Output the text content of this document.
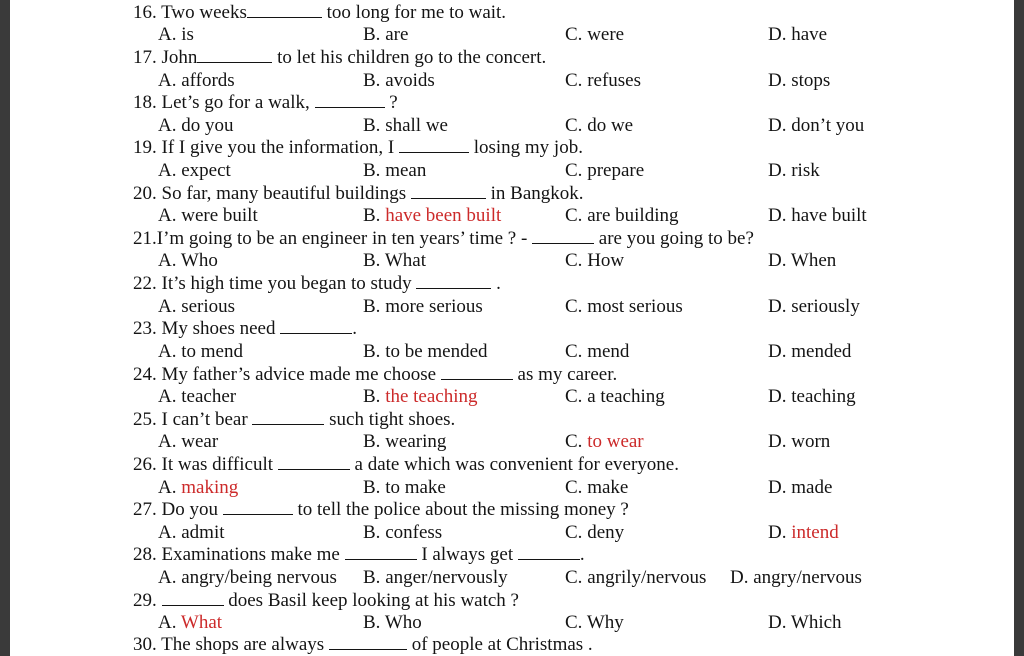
16. Two weeks	too long for me to wait.
A. is	B. are	C. were	D. have
17. John	to let his children go to the concert.
A. affords	B. avoids	C. refuses	D. stops
18. Let’s go for a walk,	?
A. do you	B. shall we	C. do we	D. don’t you
19. If I give you the information, I	losing my job.
A. expect	B. mean	C. prepare	D. risk
20. So far, many beautiful buildings	in Bangkok.
A. were built	B. have been built	C. are building	D. have built
21.I’m going to be an engineer in ten years’ time ? -	are you going to be?
A. Who	B. What	C. How	D. When
22. It’s high time you began to study	.
A. serious	B. more serious	C. most serious	D. seriously
23. My shoes need	.
A. to mend	B. to be mended	C. mend	D. mended
24. My father’s advice made me choose	as my career.
A. teacher	B. the teaching	C. a teaching	D. teaching
25. I can’t bear	such tight shoes.
A. wear	B. wearing	C. to wear	D. worn
26. It was difficult	a date which was convenient for everyone.
A. making	B. to make	C. make	D. made
27. Do you	to tell the police about the missing money ?
A. admit	B. confess	C. deny	D. intend
28. Examinations make me	I always get	.
A. angry/being nervous B. anger/nervously	C. angrily/nervous D. angry/nervous
29.	does Basil keep looking at his watch ?
A. What	B. Who	C. Why	D. Which
30. The shops are always	of people at Christmas .
